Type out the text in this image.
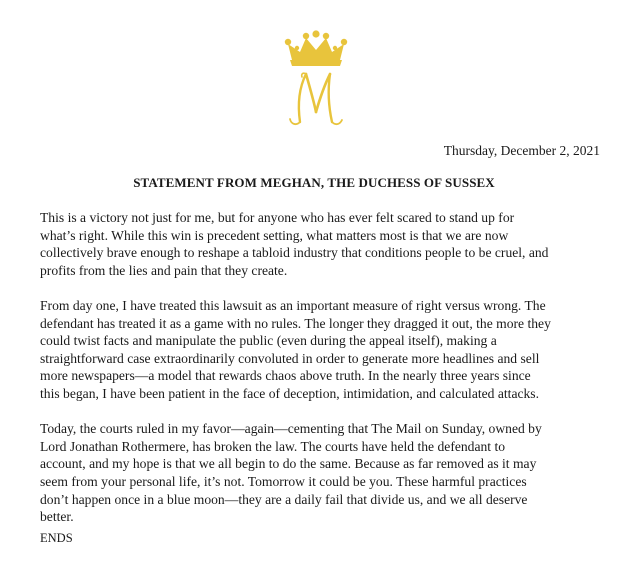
Thursday, December 2, 2021
STATEMENT FROM MEGHAN, THE DUCHESS OF SUSSEX

This is a victory not just for me, but for anyone who has ever felt scared to stand up for
what’s right. While this win is precedent setting, what matters most is that we are now
collectively brave enough to reshape a tabloid industry that conditions people to be cruel, and
profits from the lies and pain that they create.

From day one, I have treated this lawsuit as an important measure of right versus wrong. The
defendant has treated it as a game with no rules. The longer they dragged it out, the more they
could twist facts and manipulate the public (even during the appeal itself), making a
straightforward case extraordinarily convoluted in order to generate more headlines and sell
more newspapers—a model that rewards chaos above truth. In the nearly three years since
this began, I have been patient in the face of deception, intimidation, and calculated attacks.

Today, the courts ruled in my favor—again—cementing that The Mail on Sunday, owned by
Lord Jonathan Rothermere, has broken the law. The courts have held the defendant to
account, and my hope is that we all begin to do the same. Because as far removed as it may
seem from your personal life, it’s not. Tomorrow it could be you. These harmful practices
don’t happen once in a blue moon—they are a daily fail that divide us, and we all deserve
better.

ENDS
